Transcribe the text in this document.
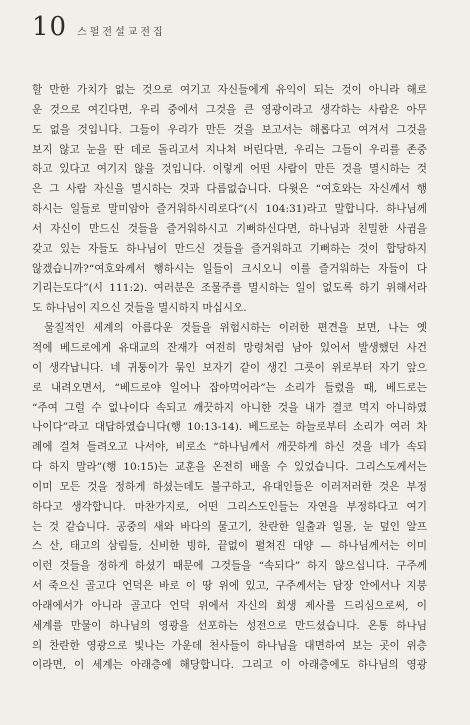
10 스펄전설교전집
할 만한 가치가 없는 것으로 여기고 자신들에게 유익이 되는 것이 아니라 해로
운 것으로 여긴다면, 우리 중에서 그것을 큰 영광이라고 생각하는 사람은 아무
도 없을 것입니다. 그들이 우리가 만든 것을 보고서는 해롭다고 여겨서 그것을
보지 않고 눈을 딴 데로 돌리고서 지나쳐 버린다면, 우리는 그들이 우리를 존중
하고 있다고 여기지 않을 것입니다. 이렇게 어떤 사람이 만든 것을 멸시하는 것
은 그 사람 자신을 멸시하는 것과 다름없습니다. 다윗은 “여호와는 자신께서 행
하시는 일들로 말미암아 즐거워하시리로다”(시 104:31)라고 말합니다. 하나님께
서 자신이 만드신 것들을 즐거워하시고 기뻐하신다면, 하나님과 친밀한 사귐을
갖고 있는 자들도 하나님이 만드신 것들을 즐거워하고 기뻐하는 것이 합당하지
않겠습니까?“여호와께서 행하시는 일들이 크시오니 이를 즐거워하는 자들이 다
기리는도다”(시 111:2). 여러분은 조물주를 멸시하는 일이 없도록 하기 위해서라
도 하나님이 지으신 것들을 멸시하지 마십시오.
물질적인 세계의 아름다운 것들을 위험시하는 이러한 편견을 보면, 나는 옛
적에 베드로에게 유대교의 잔재가 여전히 망령처럼 남아 있어서 발생했던 사건
이 생각납니다. 네 귀퉁이가 묶인 보자기 같이 생긴 그릇이 위로부터 자기 앞으
로 내려오면서, “베드로야 일어나 잡아먹어라”는 소리가 들렸을 때, 베드로는
“주여 그럴 수 없나이다 속되고 깨끗하지 아니한 것을 내가 결코 먹지 아니하였
나이다”라고 대답하였습니다(행 10:13-14). 베드로는 하늘로부터 소리가 여러 차
례에 걸쳐 들려오고 나서야, 비로소 “하나님께서 깨끗하게 하신 것을 네가 속되
다 하지 말라”(행 10:15)는 교훈을 온전히 배울 수 있었습니다. 그리스도께서는
이미 모든 것을 정하게 하셨는데도 불구하고, 유대인들은 이러저러한 것은 부정
하다고 생각합니다. 마찬가지로, 어떤 그리스도인들는 자연을 부정하다고 여기
는 것 같습니다. 공중의 새와 바다의 물고기, 찬란한 일출과 일몰, 눈 덮인 알프
스 산, 태고의 삼림들, 신비한 빙하, 끝없이 펼쳐진 대양 — 하나님께서는 이미
이런 것들을 정하게 하셨기 때문에 그것들을 “속되다” 하지 않으십니다. 구주께
서 죽으신 골고다 언덕은 바로 이 땅 위에 있고, 구주께서는 담장 안에서나 지붕
아래에서가 아니라 골고다 언덕 위에서 자신의 희생 제사를 드리심으로써, 이
세계를 만물이 하나님의 영광을 선포하는 성전으로 만드셨습니다. 온통 하나님
의 찬란한 영광으로 빛나는 가운데 천사들이 하나님을 대면하여 보는 곳이 위층
이라면, 이 세계는 아래층에 해당합니다. 그리고 이 아래층에도 하나님의 영광
